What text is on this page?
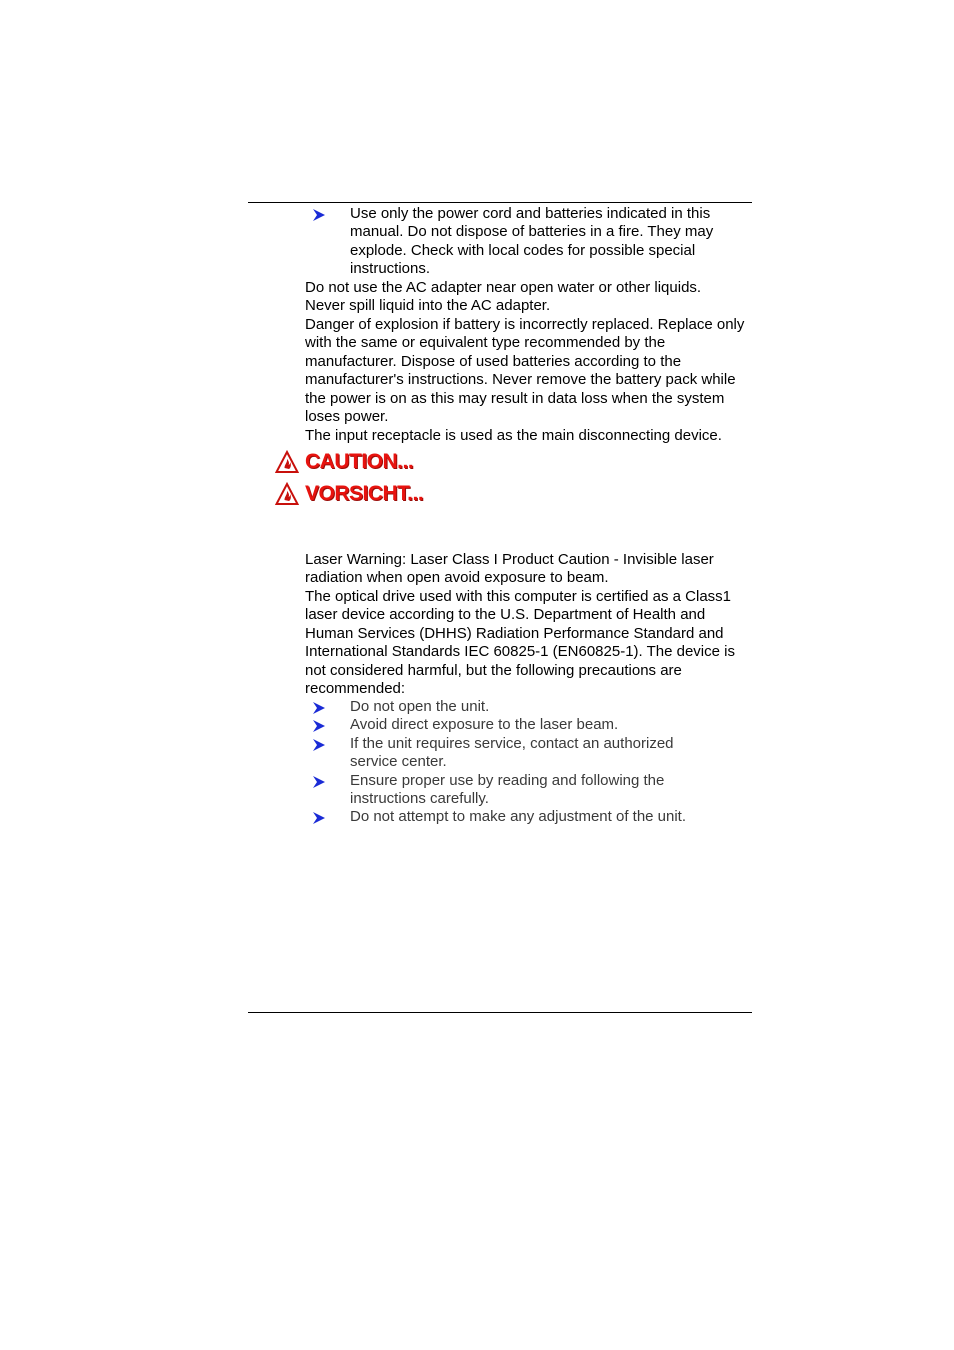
Use only the power cord and batteries indicated in this manual. Do not dispose of batteries in a fire. They may explode. Check with local codes for possible special instructions.

Do not use the AC adapter near open water or other liquids. Never spill liquid into the AC adapter.

Danger of explosion if battery is incorrectly replaced. Replace only with the same or equivalent type recommended by the manufacturer. Dispose of used batteries according to the manufacturer's instructions. Never remove the battery pack while the power is on as this may result in data loss when the system loses power.

The input receptacle is used as the main disconnecting device.

CAUTION...
VORSICHT...

Laser Warning: Laser Class I Product Caution - Invisible laser radiation when open avoid exposure to beam.

The optical drive used with this computer is certified as a Class1 laser device according to the U.S. Department of Health and Human Services (DHHS) Radiation Performance Standard and International Standards IEC 60825-1 (EN60825-1). The device is not considered harmful, but the following precautions are recommended:

Do not open the unit.
Avoid direct exposure to the laser beam.
If the unit requires service, contact an authorized service center.
Ensure proper use by reading and following the instructions carefully.
Do not attempt to make any adjustment of the unit.
